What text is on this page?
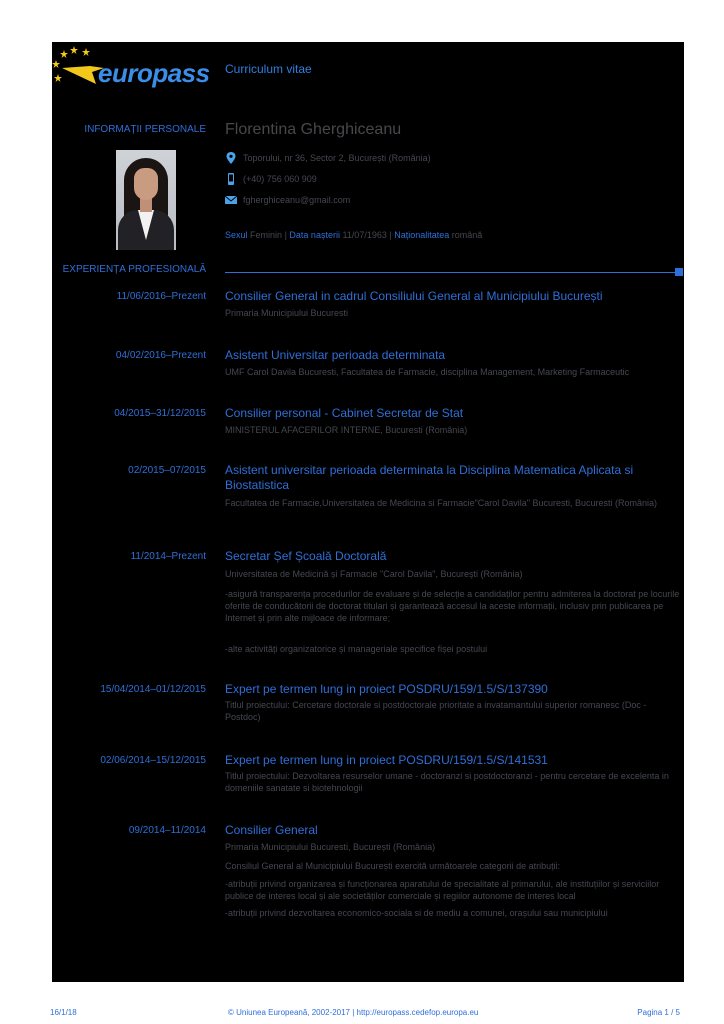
europass Curriculum vitae
INFORMAȚII PERSONALE Florentina Gherghiceanu
Toporului, nr 36, Sector 2, București (România)
(+40) 756 060 909
fgherghiceanu@gmail.com
Sexul Feminin | Data nașterii 11/07/1963 | Naționalitatea română
EXPERIENȚA PROFESIONALĂ
11/06/2016–Prezent Consilier General in cadrul Consiliului General al Municipiului București
Primaria Municipiului Bucuresti
04/02/2016–Prezent Asistent Universitar perioada determinata
UMF Carol Davila Bucuresti, Facultatea de Farmacie, disciplina Management, Marketing Farmaceutic
04/2015–31/12/2015 Consilier personal - Cabinet Secretar de Stat
MINISTERUL AFACERILOR INTERNE, Bucuresti (România)
02/2015–07/2015 Asistent universitar perioada determinata la Disciplina Matematica Aplicata si Biostatistica
Facultatea de Farmacie,Universitatea de Medicina si Farmacie"Carol Davila" Bucuresti, Bucuresti (România)
11/2014–Prezent Secretar Șef Școală Doctorală
Universitatea de Medicină și Farmacie "Carol Davila", București (România)
-asigură transparența procedurilor de evaluare și de selecție a candidaților pentru admiterea la doctorat pe locurile oferite de conducătorii de doctorat titulari și garantează accesul la aceste informații, inclusiv prin publicarea pe Internet și prin alte mijloace de informare;
-alte activități organizatorice și manageriale specifice fișei postului
15/04/2014–01/12/2015 Expert pe termen lung in proiect POSDRU/159/1.5/S/137390
Titlul proiectului: Cercetare doctorale si postdoctorale prioritate a invatamantului superior romanesc (Doc - Postdoc)
02/06/2014–15/12/2015 Expert pe termen lung in proiect POSDRU/159/1.5/S/141531
Titlul proiectului: Dezvoltarea resurselor umane - doctoranzi si postdoctoranzi - pentru cercetare de excelenta in domeniile sanatate si biotehnologii
09/2014–11/2014 Consilier General
Primaria Municipiului Bucuresti, București (România)
Consiliul General al Municipiului București exercită următoarele categorii de atribuții:
-atribuții privind organizarea și funcționarea aparatului de specialitate al primarului, ale instituțiilor și serviciilor publice de interes local și ale societăților comerciale și regiilor autonome de interes local
-atribuții privind dezvoltarea economico-sociala si de mediu a comunei, orașului sau municipiului
16/1/18	© Uniunea Europeană, 2002-2017 | http://europass.cedefop.europa.eu	Pagina 1 / 5
